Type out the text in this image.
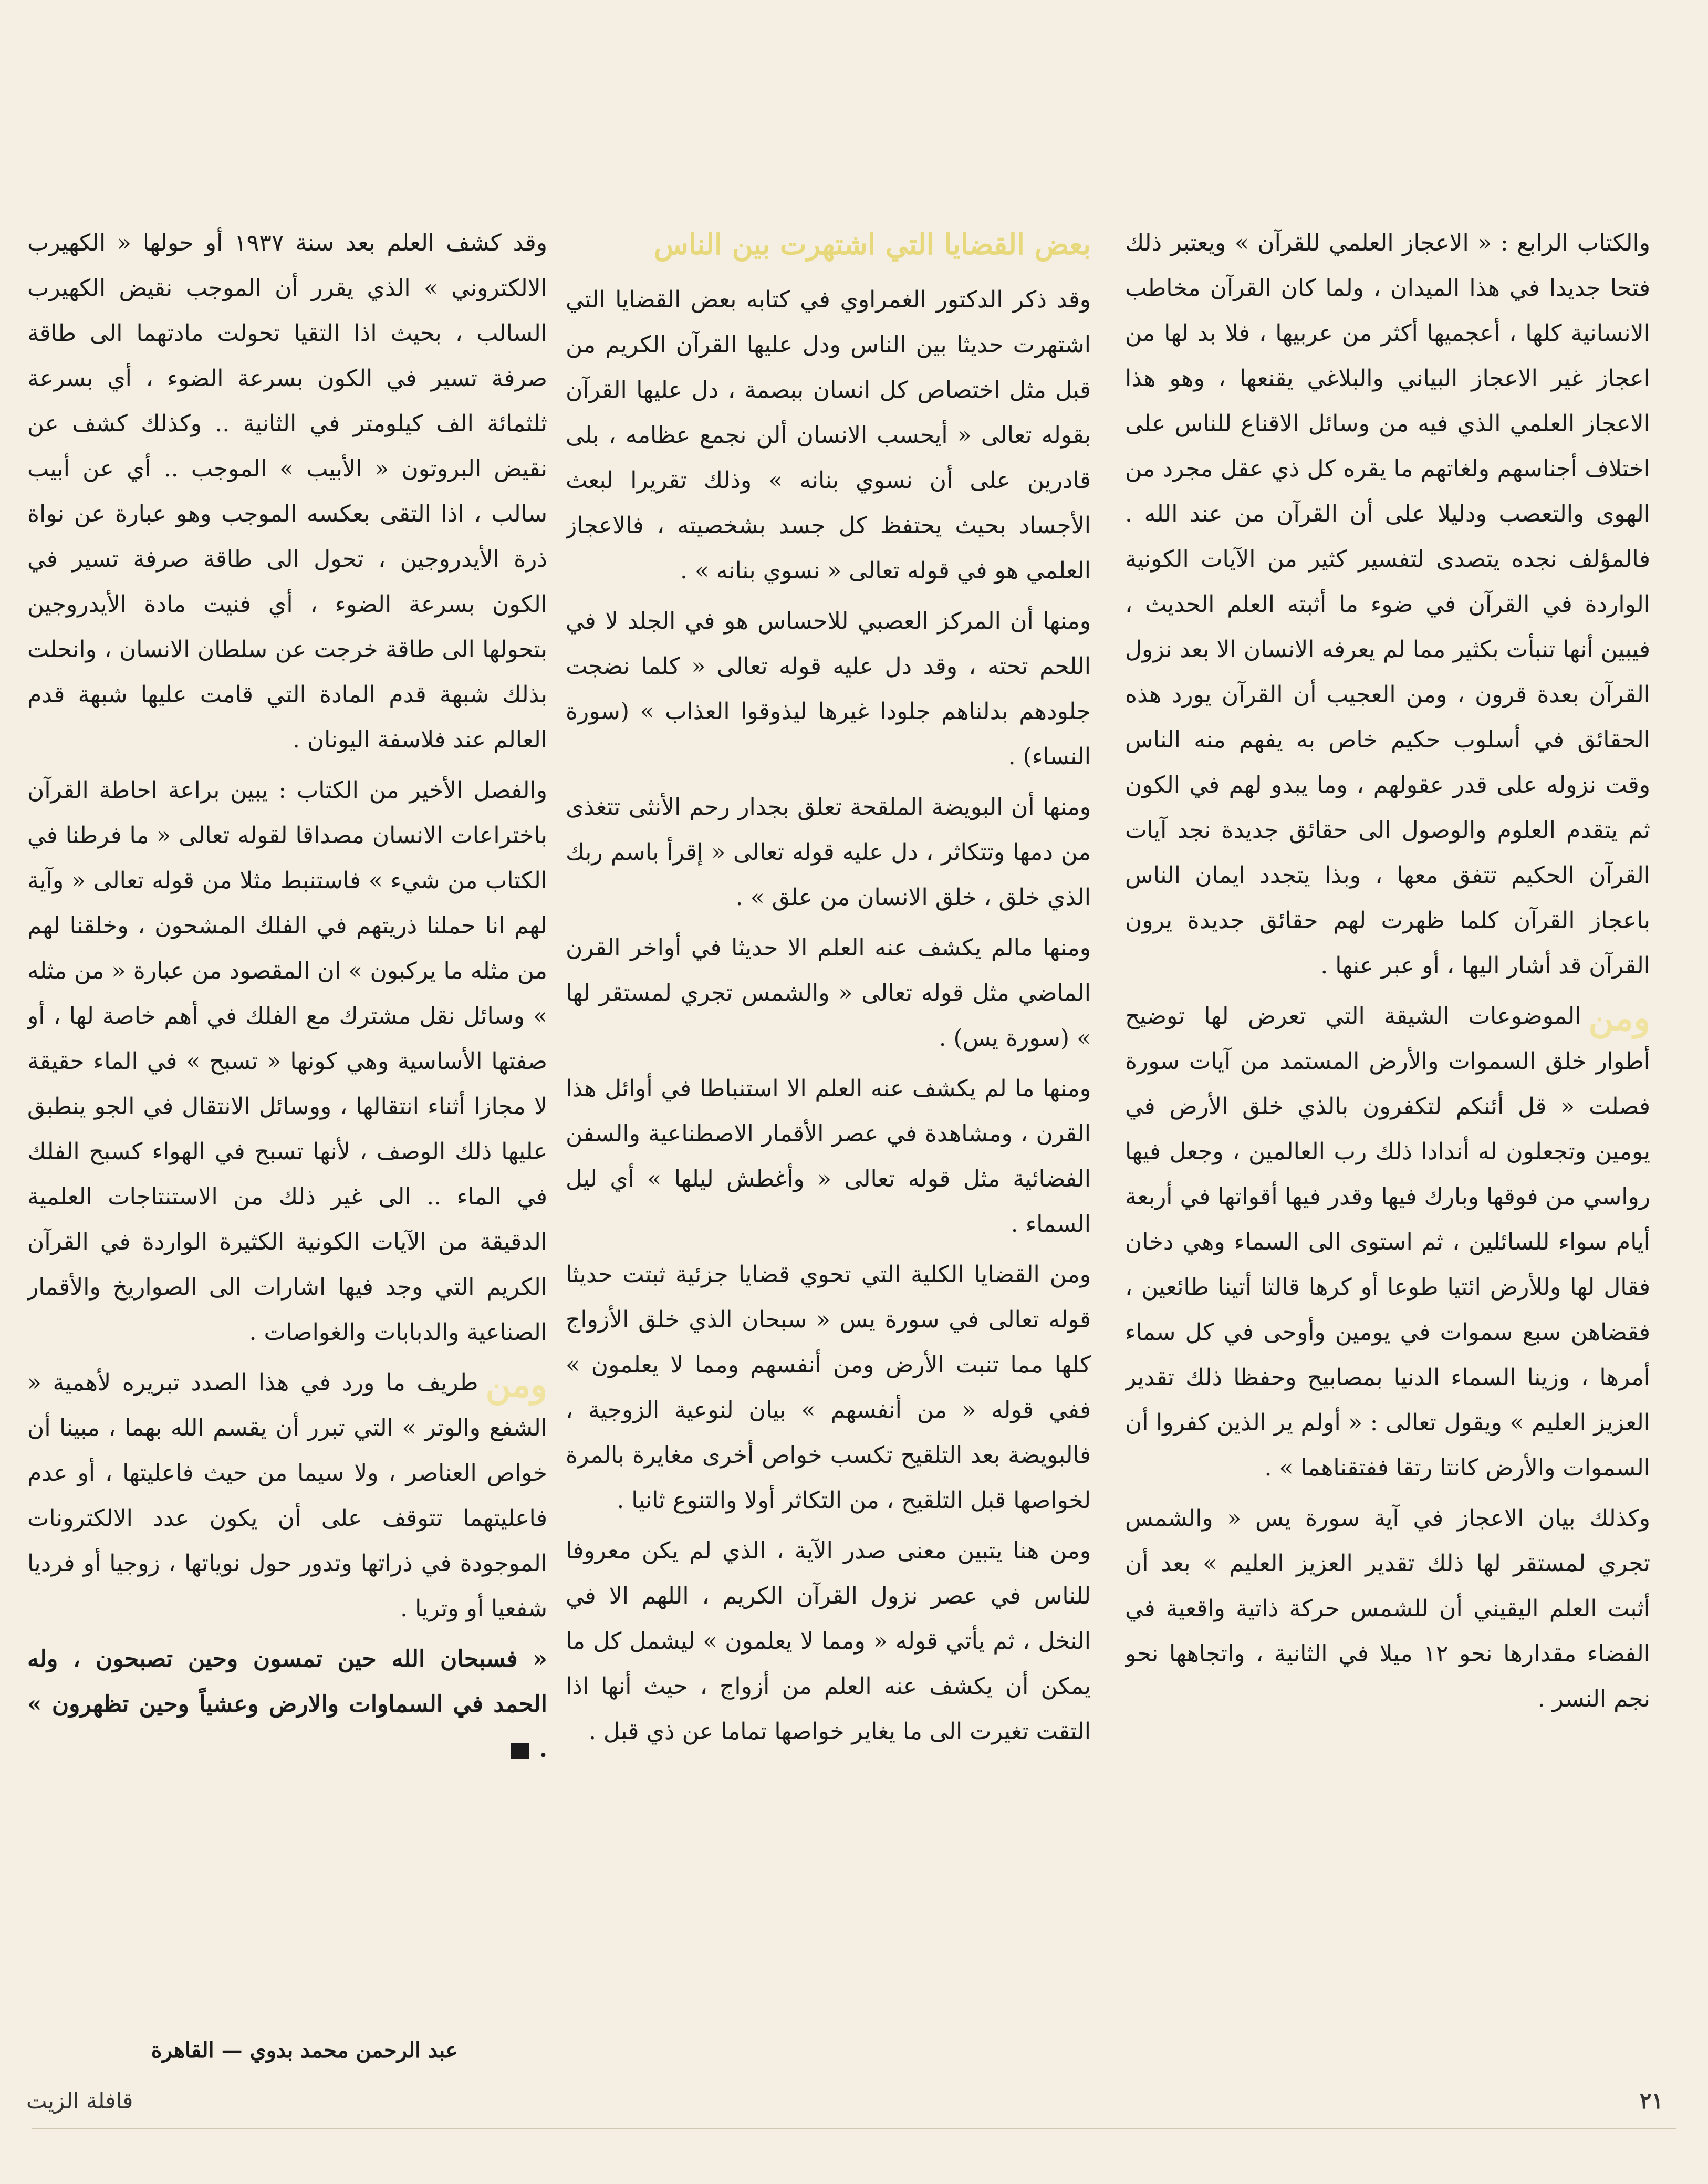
والكتاب الرابع : « الاعجاز العلمي للقرآن » ويعتبر ذلك فتحا جديدا في هذا الميدان ، ولما كان القرآن مخاطب الانسانية كلها ، أعجميها أكثر من عربيها ، فلا بد لها من اعجاز غير الاعجاز البياني والبلاغي يقنعها ، وهو هذا الاعجاز العلمي الذي فيه من وسائل الاقناع للناس على اختلاف أجناسهم ولغاتهم ما يقره كل ذي عقل مجرد من الهوى والتعصب ودليلا على أن القرآن من عند الله . فالمؤلف نجده يتصدى لتفسير كثير من الآيات الكونية الواردة في القرآن في ضوء ما أثبته العلم الحديث ، فيبين أنها تنبأت بكثير مما لم يعرفه الانسان الا بعد نزول القرآن بعدة قرون ، ومن العجيب أن القرآن يورد هذه الحقائق في أسلوب حكيم خاص به يفهم منه الناس وقت نزوله على قدر عقولهم ، وما يبدو لهم في الكون ثم يتقدم العلوم والوصول الى حقائق جديدة نجد آيات القرآن الحكيم تتفق معها ، وبذا يتجدد ايمان الناس باعجاز القرآن كلما ظهرت لهم حقائق جديدة يرون القرآن قد أشار اليها ، أو عبر عنها .

ومنالموضوعات الشيقة التي تعرض لها توضيح أطوار خلق السموات والأرض المستمد من آيات سورة فصلت « قل أئنكم لتكفرون بالذي خلق الأرض في يومين وتجعلون له أندادا ذلك رب العالمين ، وجعل فيها رواسي من فوقها وبارك فيها وقدر فيها أقواتها في أربعة أيام سواء للسائلين ، ثم استوى الى السماء وهي دخان فقال لها وللأرض ائتيا طوعا أو كرها قالتا أتينا طائعين ، فقضاهن سبع سموات في يومين وأوحى في كل سماء أمرها ، وزينا السماء الدنيا بمصابيح وحفظا ذلك تقدير العزيز العليم » ويقول تعالى : « أولم ير الذين كفروا أن السموات والأرض كانتا رتقا ففتقناهما » .

وكذلك بيان الاعجاز في آية سورة يس « والشمس تجري لمستقر لها ذلك تقدير العزيز العليم » بعد أن أثبت العلم اليقيني أن للشمس حركة ذاتية واقعية في الفضاء مقدارها نحو ١٢ ميلا في الثانية ، واتجاهها نحو نجم النسر .

بعض القضايا التي اشتهرت بين الناس

وقد ذكر الدكتور الغمراوي في كتابه بعض القضايا التي اشتهرت حديثا بين الناس ودل عليها القرآن الكريم من قبل مثل اختصاص كل انسان ببصمة ، دل عليها القرآن بقوله تعالى « أيحسب الانسان ألن نجمع عظامه ، بلى قادرين على أن نسوي بنانه » وذلك تقريرا لبعث الأجساد بحيث يحتفظ كل جسد بشخصيته ، فالاعجاز العلمي هو في قوله تعالى « نسوي بنانه » .

ومنها أن المركز العصبي للاحساس هو في الجلد لا في اللحم تحته ، وقد دل عليه قوله تعالى « كلما نضجت جلودهم بدلناهم جلودا غيرها ليذوقوا العذاب » (سورة النساء) .

ومنها أن البويضة الملقحة تعلق بجدار رحم الأنثى تتغذى من دمها وتتكاثر ، دل عليه قوله تعالى « إقرأ باسم ربك الذي خلق ، خلق الانسان من علق » .

ومنها مالم يكشف عنه العلم الا حديثا في أواخر القرن الماضي مثل قوله تعالى « والشمس تجري لمستقر لها » (سورة يس) .

ومنها ما لم يكشف عنه العلم الا استنباطا في أوائل هذا القرن ، ومشاهدة في عصر الأقمار الاصطناعية والسفن الفضائية مثل قوله تعالى « وأغطش ليلها » أي ليل السماء .

ومن القضايا الكلية التي تحوي قضايا جزئية ثبتت حديثا قوله تعالى في سورة يس « سبحان الذي خلق الأزواج كلها مما تنبت الأرض ومن أنفسهم ومما لا يعلمون » ففي قوله « من أنفسهم » بيان لنوعية الزوجية ، فالبويضة بعد التلقيح تكسب خواص أخرى مغايرة بالمرة لخواصها قبل التلقيح ، من التكاثر أولا والتنوع ثانيا .

ومن هنا يتبين معنى صدر الآية ، الذي لم يكن معروفا للناس في عصر نزول القرآن الكريم ، اللهم الا في النخل ، ثم يأتي قوله « ومما لا يعلمون » ليشمل كل ما يمكن أن يكشف عنه العلم من أزواج ، حيث أنها اذا التقت تغيرت الى ما يغاير خواصها تماما عن ذي قبل .

وقد كشف العلم بعد سنة ١٩٣٧ أو حولها « الكهيرب الالكتروني » الذي يقرر أن الموجب نقيض الكهيرب السالب ، بحيث اذا التقيا تحولت مادتهما الى طاقة صرفة تسير في الكون بسرعة الضوء ، أي بسرعة ثلثمائة الف كيلومتر في الثانية .. وكذلك كشف عن نقيض البروتون « الأبيب » الموجب .. أي عن أبيب سالب ، اذا التقى بعكسه الموجب وهو عبارة عن نواة ذرة الأيدروجين ، تحول الى طاقة صرفة تسير في الكون بسرعة الضوء ، أي فنيت مادة الأيدروجين بتحولها الى طاقة خرجت عن سلطان الانسان ، وانحلت بذلك شبهة قدم المادة التي قامت عليها شبهة قدم العالم عند فلاسفة اليونان .

والفصل الأخير من الكتاب : يبين براعة احاطة القرآن باختراعات الانسان مصداقا لقوله تعالى « ما فرطنا في الكتاب من شيء » فاستنبط مثلا من قوله تعالى « وآية لهم انا حملنا ذريتهم في الفلك المشحون ، وخلقنا لهم من مثله ما يركبون » ان المقصود من عبارة « من مثله » وسائل نقل مشترك مع الفلك في أهم خاصة لها ، أو صفتها الأساسية وهي كونها « تسبح » في الماء حقيقة لا مجازا أثناء انتقالها ، ووسائل الانتقال في الجو ينطبق عليها ذلك الوصف ، لأنها تسبح في الهواء كسبح الفلك في الماء .. الى غير ذلك من الاستنتاجات العلمية الدقيقة من الآيات الكونية الكثيرة الواردة في القرآن الكريم التي وجد فيها اشارات الى الصواريخ والأقمار الصناعية والدبابات والغواصات .

ومنطريف ما ورد في هذا الصدد تبريره لأهمية « الشفع والوتر » التي تبرر أن يقسم الله بهما ، مبينا أن خواص العناصر ، ولا سيما من حيث فاعليتها ، أو عدم فاعليتهما تتوقف على أن يكون عدد الالكترونات الموجودة في ذراتها وتدور حول نوياتها ، زوجيا أو فرديا شفعيا أو وتريا .

« فسبحان الله حين تمسون وحين تصبحون ، وله الحمد في السماوات والارض وعشياً وحين تظهرون » .

عبد الرحمن محمد بدوي — القاهرة
قافلة الزيت	٢١
